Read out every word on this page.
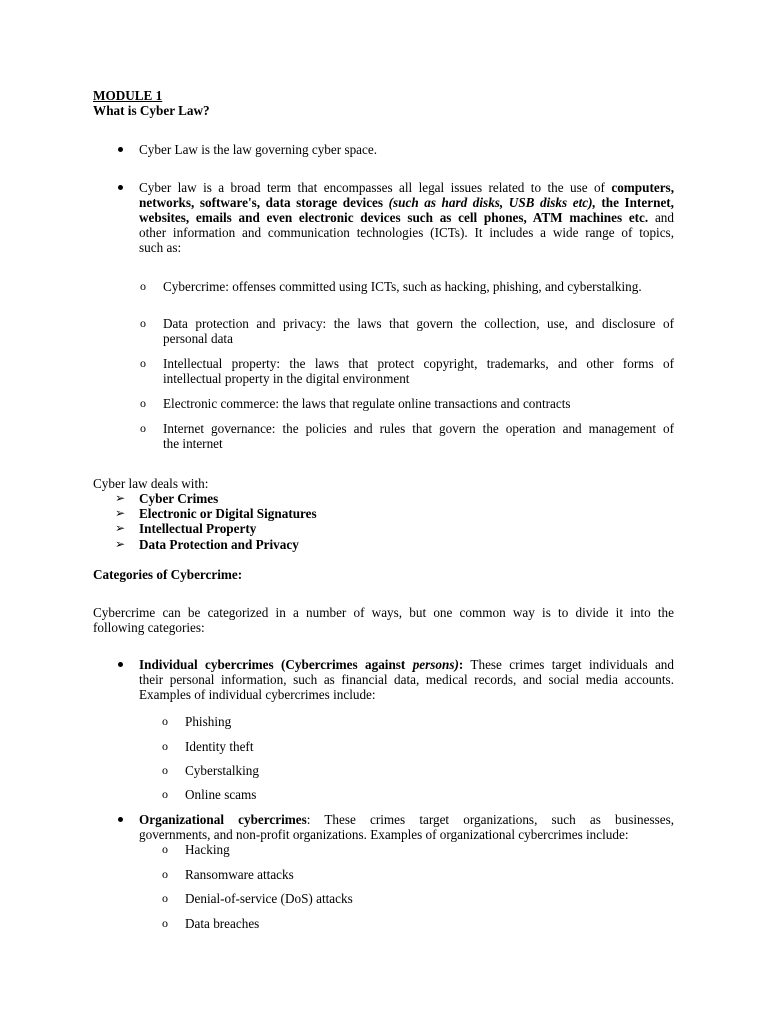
MODULE 1
What is Cyber Law?
Cyber Law is the law governing cyber space.
Cyber law is a broad term that encompasses all legal issues related to the use of computers,
networks, software's, data storage devices (such as hard disks, USB disks etc), the Internet,
websites, emails and even electronic devices such as cell phones, ATM machines etc. and
other information and communication technologies (ICTs). It includes a wide range of topics,
such as:
o Cybercrime: offenses committed using ICTs, such as hacking, phishing, and cyberstalking.
o Data protection and privacy: the laws that govern the collection, use, and disclosure of
personal data
o Intellectual property: the laws that protect copyright, trademarks, and other forms of
intellectual property in the digital environment
o Electronic commerce: the laws that regulate online transactions and contracts
o Internet governance: the policies and rules that govern the operation and management of
the internet
Cyber law deals with:
➢ Cyber Crimes
➢ Electronic or Digital Signatures
➢ Intellectual Property
➢ Data Protection and Privacy
Categories of Cybercrime:
Cybercrime can be categorized in a number of ways, but one common way is to divide it into the
following categories:
Individual cybercrimes (Cybercrimes against persons): These crimes target individuals and
their personal information, such as financial data, medical records, and social media accounts.
Examples of individual cybercrimes include:
o Phishing
o Identity theft
o Cyberstalking
o Online scams
Organizational cybercrimes: These crimes target organizations, such as businesses,
governments, and non-profit organizations. Examples of organizational cybercrimes include:
o Hacking
o Ransomware attacks
o Denial-of-service (DoS) attacks
o Data breaches
